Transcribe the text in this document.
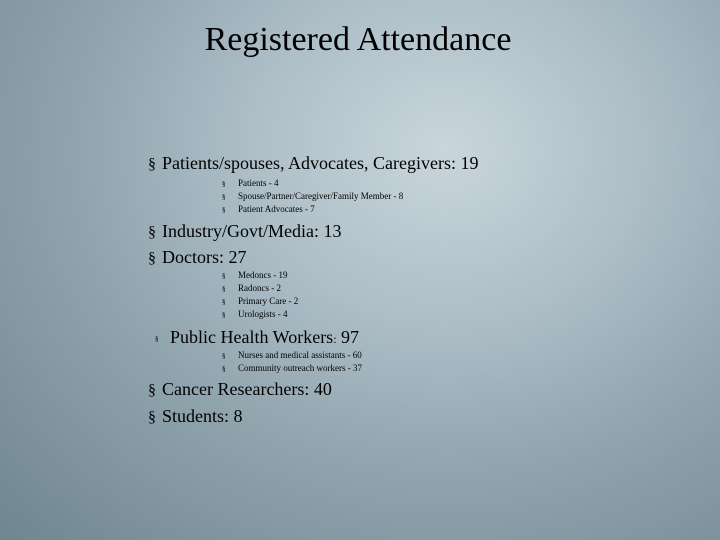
Registered Attendance
§ Patients/spouses, Advocates, Caregivers: 19
§ Patients - 4
§ Spouse/Partner/Caregiver/Family Member - 8
§ Patient Advocates - 7
§ Industry/Govt/Media: 13
§ Doctors: 27
§ Medoncs - 19
§ Radoncs - 2
§ Primary Care - 2
§ Urologists - 4
§ Public Health Workers: 97
§ Nurses and medical assistants - 60
§ Community outreach workers - 37
§ Cancer Researchers: 40
§ Students: 8
